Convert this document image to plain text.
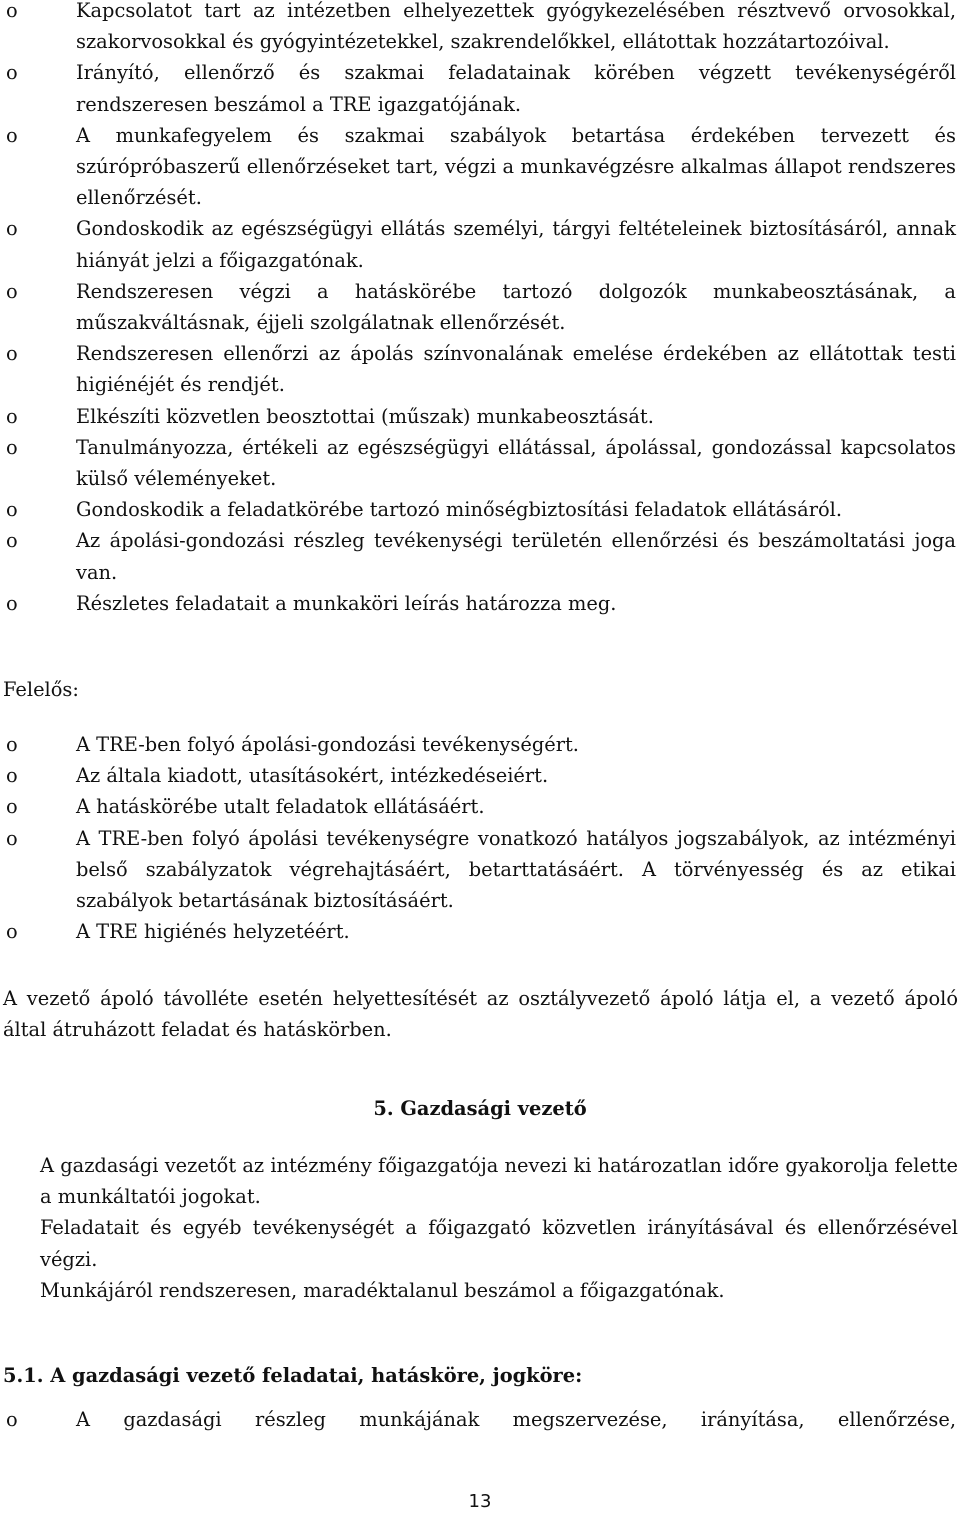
o	Kapcsolatot tart az intézetben elhelyezettek gyógykezelésében résztvevő orvosokkal, szakorvosokkal és gyógyintézetekkel, szakrendelőkkel, ellátottak hozzátartozóival.
o	Irányító, ellenőrző és szakmai feladatainak körében végzett tevékenységéről rendszeresen beszámol a TRE igazgatójának.
o	A munkafegyelem és szakmai szabályok betartása érdekében tervezett és szúrópróbaszerű ellenőrzéseket tart, végzi a munkavégzésre alkalmas állapot rendszeres ellenőrzését.
o	Gondoskodik az egészségügyi ellátás személyi, tárgyi feltételeinek biztosításáról, annak hiányát jelzi a főigazgatónak.
o	Rendszeresen végzi a hatáskörébe tartozó dolgozók munkabeosztásának, a műszakváltásnak, éjjeli szolgálatnak ellenőrzését.
o	Rendszeresen ellenőrzi az ápolás színvonalának emelése érdekében az ellátottak testi higiénéjét és rendjét.
o	Elkészíti közvetlen beosztottai (műszak) munkabeosztását.
o	Tanulmányozza, értékeli az egészségügyi ellátással, ápolással, gondozással kapcsolatos külső véleményeket.
o	Gondoskodik a feladatkörébe tartozó minőségbiztosítási feladatok ellátásáról.
o	Az ápolási-gondozási részleg tevékenységi területén ellenőrzési és beszámoltatási joga van.
o	Részletes feladatait a munkaköri leírás határozza meg.
Felelős:
o	A TRE-ben folyó ápolási-gondozási tevékenységért.
o	Az általa kiadott, utasításokért, intézkedéseiért.
o	A hatáskörébe utalt feladatok ellátásáért.
o	A TRE-ben folyó ápolási tevékenységre vonatkozó hatályos jogszabályok, az intézményi belső szabályzatok végrehajtásáért, betarttatásáért. A törvényesség és az etikai szabályok betartásának biztosításáért.
o	A TRE higiénés helyzetéért.

A vezető ápoló távolléte esetén helyettesítését az osztályvezető ápoló látja el, a vezető ápoló által átruházott feladat és hatáskörben.

5. Gazdasági vezető

A gazdasági vezetőt az intézmény főigazgatója nevezi ki határozatlan időre gyakorolja felette a munkáltatói jogokat.

Feladatait és egyéb tevékenységét a főigazgató közvetlen irányításával és ellenőrzésével végzi.

Munkájáról rendszeresen, maradéktalanul beszámol a főigazgatónak.

5.1. A gazdasági vezető feladatai, hatásköre, jogköre:
o	A gazdasági részleg munkájának megszervezése, irányítása, ellenőrzése,
13
